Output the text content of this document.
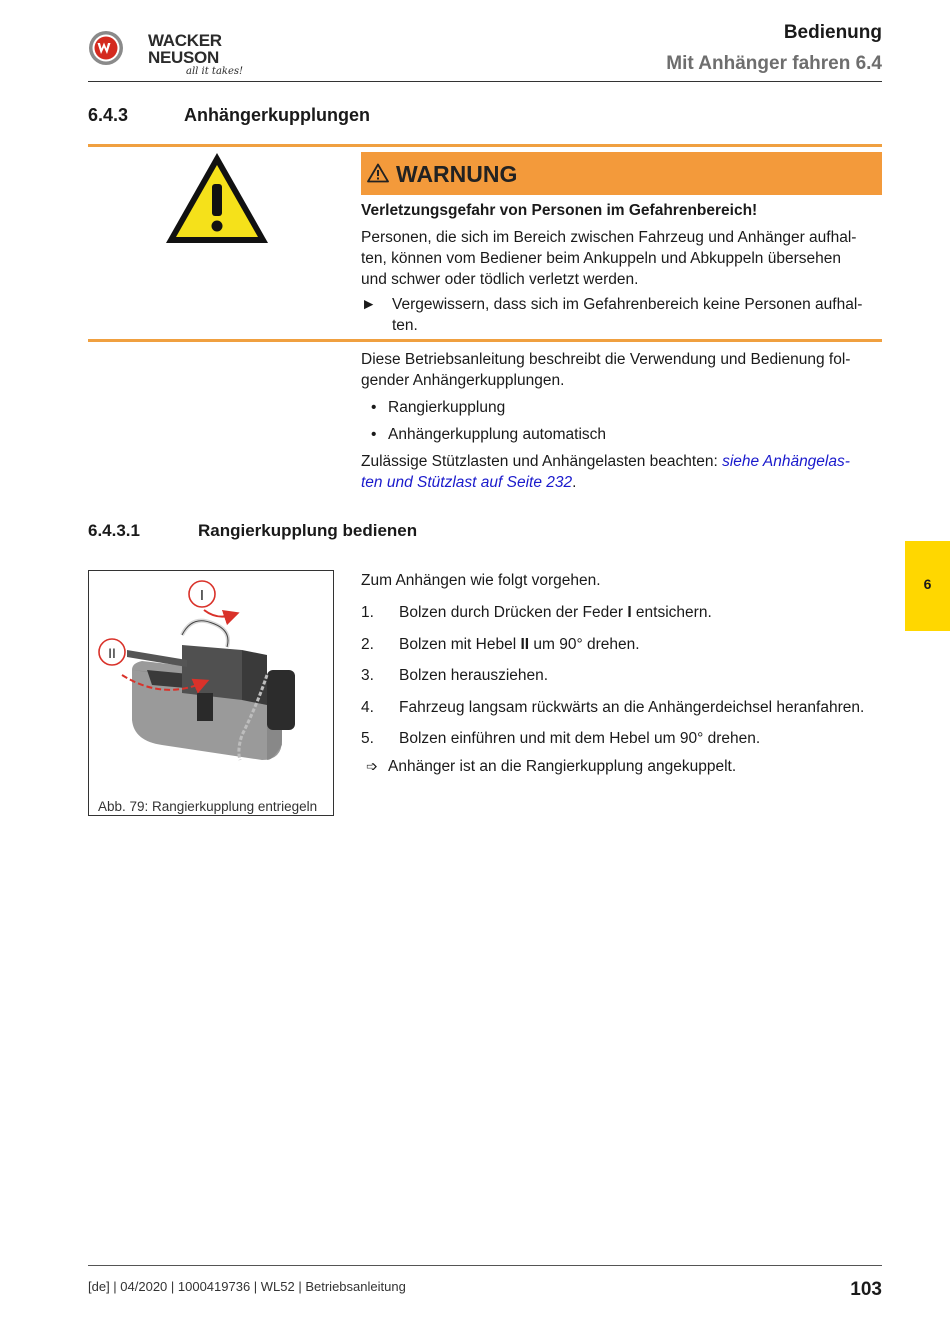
WACKER
NEUSON
all it takes!
Bedienung
Mit Anhänger fahren 6.4
6.4.3	Anhängerkupplungen
WARNUNG
Verletzungsgefahr von Personen im Gefahrenbereich!
Personen, die sich im Bereich zwischen Fahrzeug und Anhänger aufhal-
ten, können vom Bediener beim Ankuppeln und Abkuppeln übersehen
und schwer oder tödlich verletzt werden.
► Vergewissern, dass sich im Gefahrenbereich keine Personen aufhal-
ten.
Diese Betriebsanleitung beschreibt die Verwendung und Bedienung fol-
gender Anhängerkupplungen.
• Rangierkupplung
• Anhängerkupplung automatisch
Zulässige Stützlasten und Anhängelasten beachten: siehe Anhängelas-
ten und Stützlast auf Seite 232.
6.4.3.1	Rangierkupplung bedienen
I
II
Abb. 79: Rangierkupplung entriegeln
Zum Anhängen wie folgt vorgehen.
1. Bolzen durch Drücken der Feder I entsichern.
2. Bolzen mit Hebel II um 90° drehen.
3. Bolzen herausziehen.
4. Fahrzeug langsam rückwärts an die Anhängerdeichsel heranfahren.
5. Bolzen einführen und mit dem Hebel um 90° drehen.
➩ Anhänger ist an die Rangierkupplung angekuppelt.
6
[de] | 04/2020 | 1000419736 | WL52 | Betriebsanleitung	103
